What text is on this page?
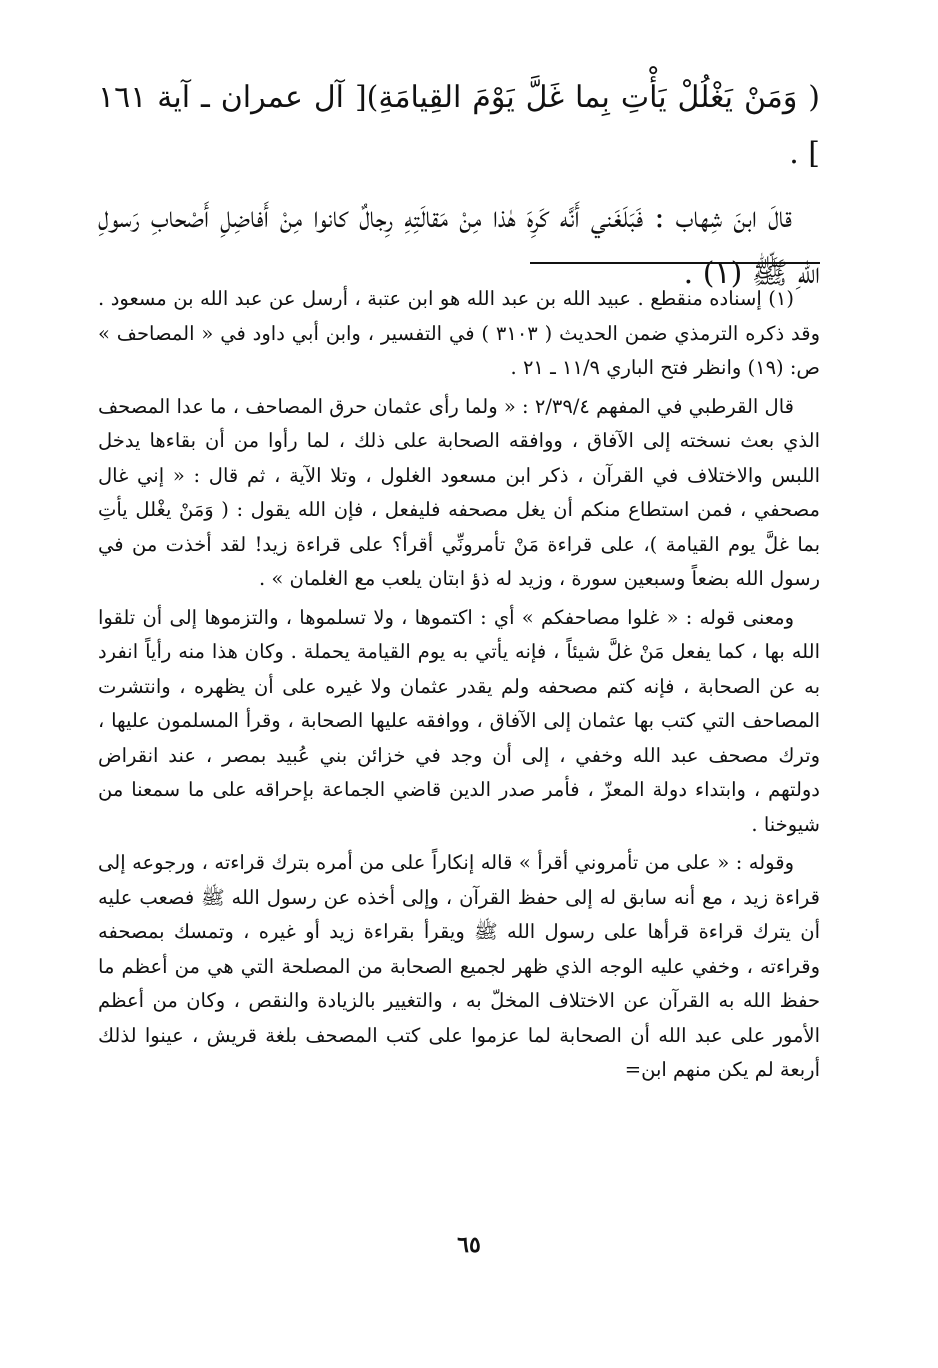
( وَمَنْ يَغْلُلْ يَأْتِ بِما غَلَّ يَوْمَ القِيامَةِ)[ آل عمران ـ آية ١٦١ ] .

قالَ ابنَ شِهاب : فَبَلَغَني أَنَّه كَرِهَ هٰذا مِنْ مَقالَتِهِ رِجالٌ كانوا مِنْ أَفاضِلِ أَصْحابِ رَسولِ اللّهِ ﷺ (١) .

(١) إسناده منقطع . عبيد الله بن عبد الله هو ابن عتبة ، أرسل عن عبد الله بن مسعود . وقد ذكره الترمذي ضمن الحديث ( ٣١٠٣ ) في التفسير ، وابن أبي داود في « المصاحف » ص: (١٩) وانظر فتح الباري ١١/٩ ـ ٢١ .

قال القرطبي في المفهم ٢/٣٩/٤ : « ولما رأى عثمان حرق المصاحف ، ما عدا المصحف الذي بعث نسخته إلى الآفاق ، ووافقه الصحابة على ذلك ، لما رأوا من أن بقاءها يدخل اللبس والاختلاف في القرآن ، ذكر ابن مسعود الغلول ، وتلا الآية ، ثم قال : « إني غال مصحفي ، فمن استطاع منكم أن يغل مصحفه فليفعل ، فإن الله يقول : ( وَمَنْ يغْلل يأتِ بما غلَّ يوم القيامة )، على قراءة مَنْ تأمرونِّي أقرأ؟ على قراءة زيد! لقد أخذت من في رسول الله بضعاً وسبعين سورة ، وزيد له ذؤ ابتان يلعب مع الغلمان » .

ومعنى قوله : « غلوا مصاحفكم » أي : اكتموها ، ولا تسلموها ، والتزموها إلى أن تلقوا الله بها ، كما يفعل مَنْ غلَّ شيئاً ، فإنه يأتي به يوم القيامة يحملة . وكان هذا منه رأياً انفرد به عن الصحابة ، فإنه كتم مصحفه ولم يقدر عثمان ولا غيره على أن يظهره ، وانتشرت المصاحف التي كتب بها عثمان إلى الآفاق ، ووافقه عليها الصحابة ، وقرأ المسلمون عليها ، وترك مصحف عبد الله وخفي ، إلى أن وجد في خزائن بني عُبيد بمصر ، عند انقراض دولتهم ، وابتداء دولة المعزّ ، فأمر صدر الدين قاضي الجماعة بإحراقه على ما سمعنا من شيوخنا .

وقوله : « على من تأمروني أقرأ » قاله إنكاراً على من أمره بترك قراءته ، ورجوعه إلى قراءة زيد ، مع أنه سابق له إلى حفظ القرآن ، وإلى أخذه عن رسول الله ﷺ فصعب عليه أن يترك قراءة قرأها على رسول الله ﷺ ويقرأ بقراءة زيد أو غيره ، وتمسك بمصحفه وقراءته ، وخفي عليه الوجه الذي ظهر لجميع الصحابة من المصلحة التي هي من أعظم ما حفظ الله به القرآن عن الاختلاف المخلّ به ، والتغيير بالزيادة والنقص ، وكان من أعظم الأمور على عبد الله أن الصحابة لما عزموا على كتب المصحف بلغة قريش ، عينوا لذلك أربعة لم يكن منهم ابن=

٦٥
